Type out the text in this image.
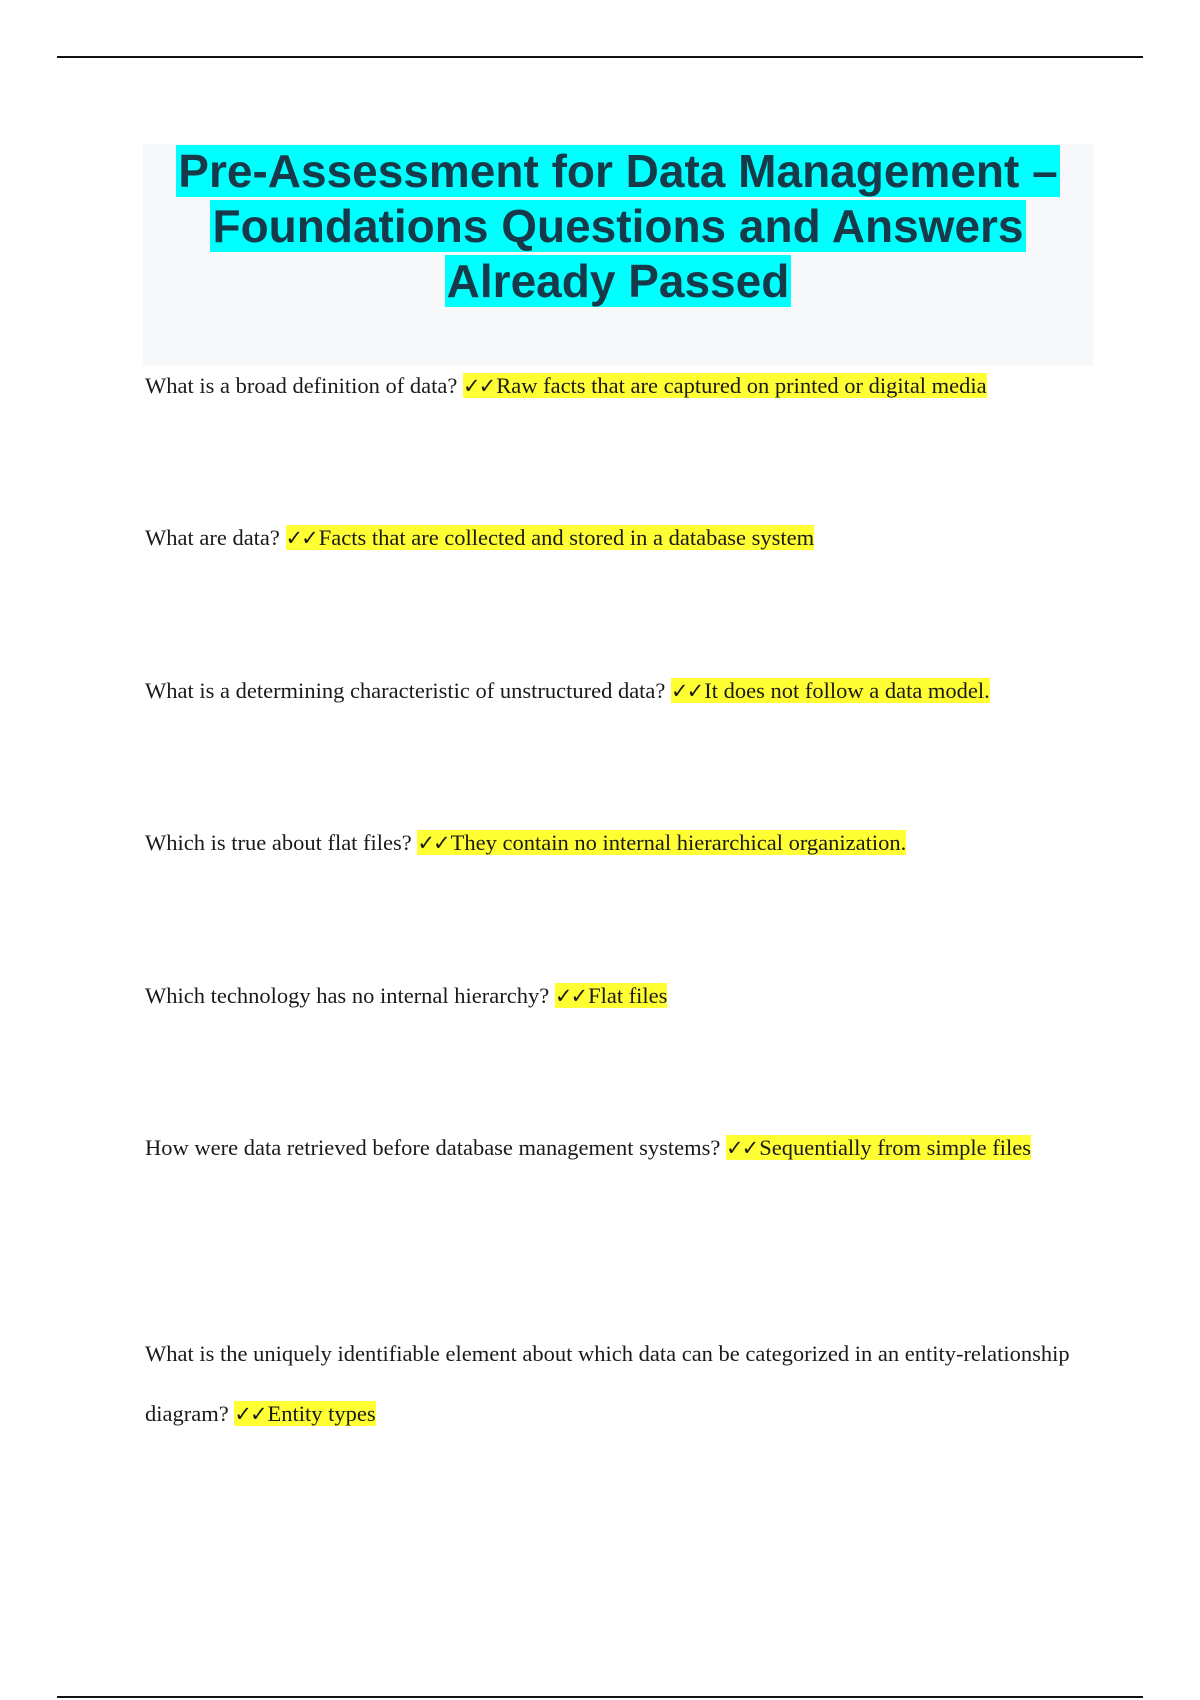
Pre-Assessment for Data Management – Foundations Questions and Answers Already Passed

What is a broad definition of data? ✓✓Raw facts that are captured on printed or digital media

What are data? ✓✓Facts that are collected and stored in a database system

What is a determining characteristic of unstructured data? ✓✓It does not follow a data model.

Which is true about flat files? ✓✓They contain no internal hierarchical organization.

Which technology has no internal hierarchy? ✓✓Flat files

How were data retrieved before database management systems? ✓✓Sequentially from simple files

What is the uniquely identifiable element about which data can be categorized in an entity-relationship diagram? ✓✓Entity types
